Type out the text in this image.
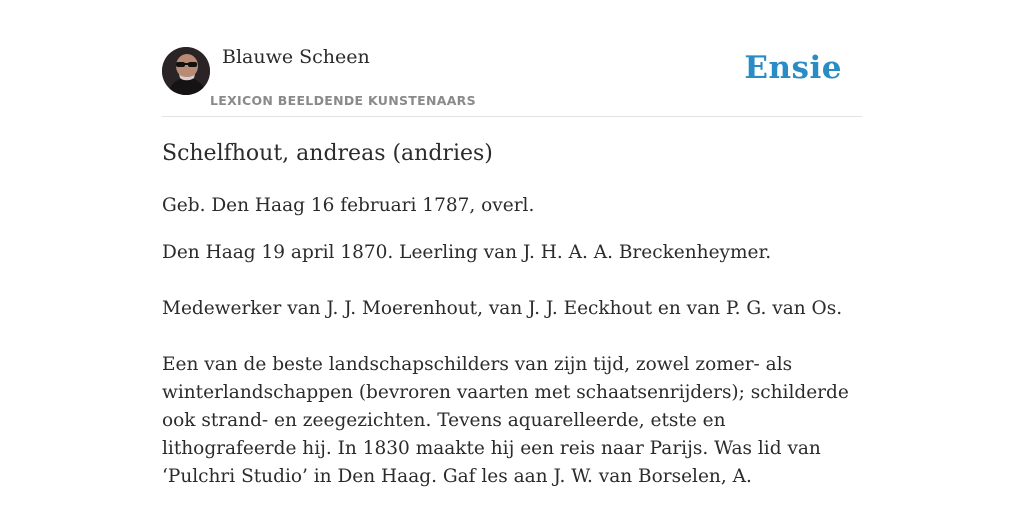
Blauwe Scheen
LEXICON BEELDENDE KUNSTENAARS
Ensie
Schelfhout, andreas (andries)

Geb. Den Haag 16 februari 1787, overl.

Den Haag 19 april 1870. Leerling van J. H. A. A. Breckenheymer.

Medewerker van J. J. Moerenhout, van J. J. Eeckhout en van P. G. van Os.

Een van de beste landschapschilders van zijn tijd, zowel zomer- als winterlandschappen (bevroren vaarten met schaatsenrijders); schilderde ook strand- en zeegezichten. Tevens aquarelleerde, etste en lithografeerde hij. In 1830 maakte hij een reis naar Parijs. Was lid van ‘Pulchri Studio’ in Den Haag. Gaf les aan J. W. van Borselen, A.
